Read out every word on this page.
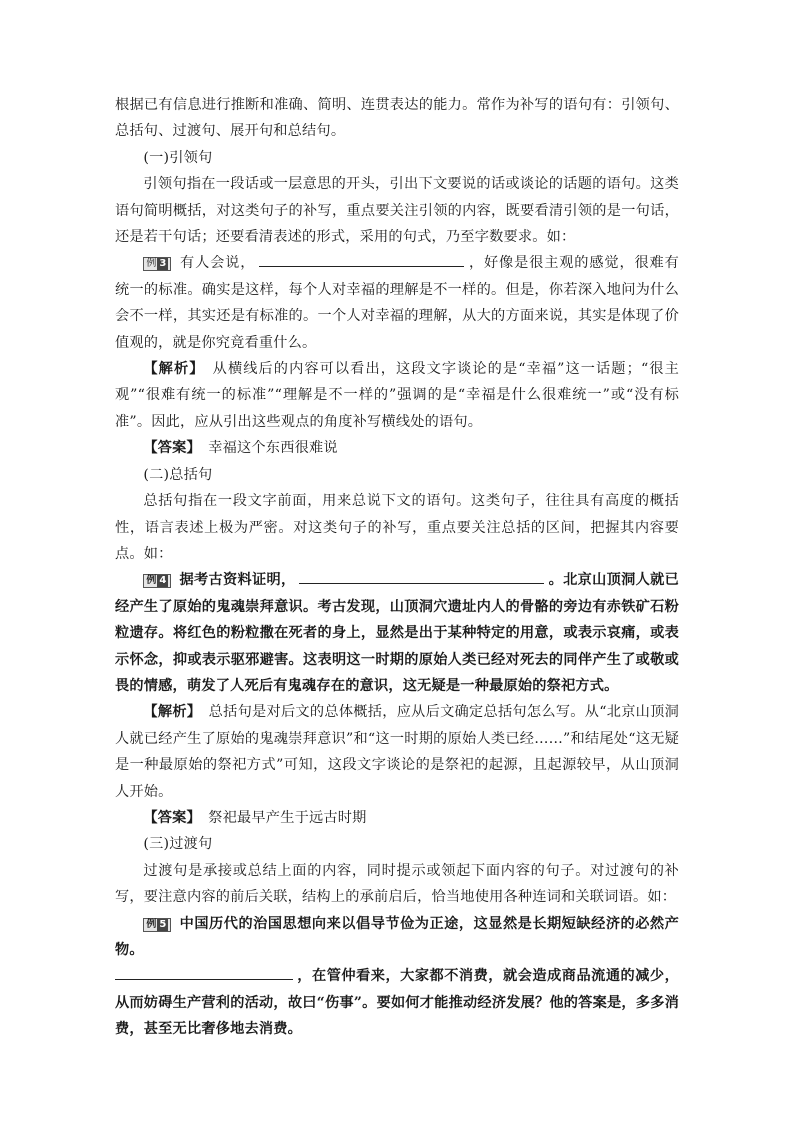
根据已有信息进行推断和准确、简明、连贯表达的能力。常作为补写的语句有：引领句、总括句、过渡句、展开句和总结句。

(一)引领句

引领句指在一段话或一层意思的开头，引出下文要说的话或谈论的话题的语句。这类语句简明概括，对这类句子的补写，重点要关注引领的内容，既要看清引领的是一句话，还是若干句话；还要看清表述的形式，采用的句式，乃至字数要求。如：

例 3 有人会说，	，好像是很主观的感觉，很难有统一的标准。确实是这样，每个人对幸福的理解是不一样的。但是，你若深入地问为什么会不一样，其实还是有标准的。一个人对幸福的理解，从大的方面来说，其实是体现了价值观的，就是你究竟看重什么。

【解析】  从横线后的内容可以看出，这段文字谈论的是“幸福”这一话题；“很主观”“很难有统一的标准”“理解是不一样的”强调的是“幸福是什么很难统一”或“没有标准”。因此，应从引出这些观点的角度补写横线处的语句。

【答案】  幸福这个东西很难说

(二)总括句

总括句指在一段文字前面，用来总说下文的语句。这类句子，往往具有高度的概括性，语言表述上极为严密。对这类句子的补写，重点要关注总括的区间，把握其内容要点。如：

例 4 据考古资料证明，	。北京山顶洞人就已经产生了原始的鬼魂崇拜意识。考古发现，山顶洞穴遗址内人的骨骼的旁边有赤铁矿石粉粒遗存。将红色的粉粒撒在死者的身上，显然是出于某种特定的用意，或表示哀痛，或表示怀念，抑或表示驱邪避害。这表明这一时期的原始人类已经对死去的同伴产生了或敬或畏的情感，萌发了人死后有鬼魂存在的意识，这无疑是一种最原始的祭祀方式。

【解析】  总括句是对后文的总体概括，应从后文确定总括句怎么写。从“北京山顶洞人就已经产生了原始的鬼魂崇拜意识”和“这一时期的原始人类已经……”和结尾处“这无疑是一种最原始的祭祀方式”可知，这段文字谈论的是祭祀的起源，且起源较早，从山顶洞人开始。

【答案】  祭祀最早产生于远古时期

(三)过渡句

过渡句是承接或总结上面的内容，同时提示或领起下面内容的句子。对过渡句的补写，要注意内容的前后关联，结构上的承前启后，恰当地使用各种连词和关联词语。如：

例 5 中国历代的治国思想向来以倡导节俭为正途，这显然是长期短缺经济的必然产物。

，在管仲看来，大家都不消费，就会造成商品流通的减少，从而妨碍生产营利的活动，故曰“伤事”。要如何才能推动经济发展？他的答案是，多多消费，甚至无比奢侈地去消费。
